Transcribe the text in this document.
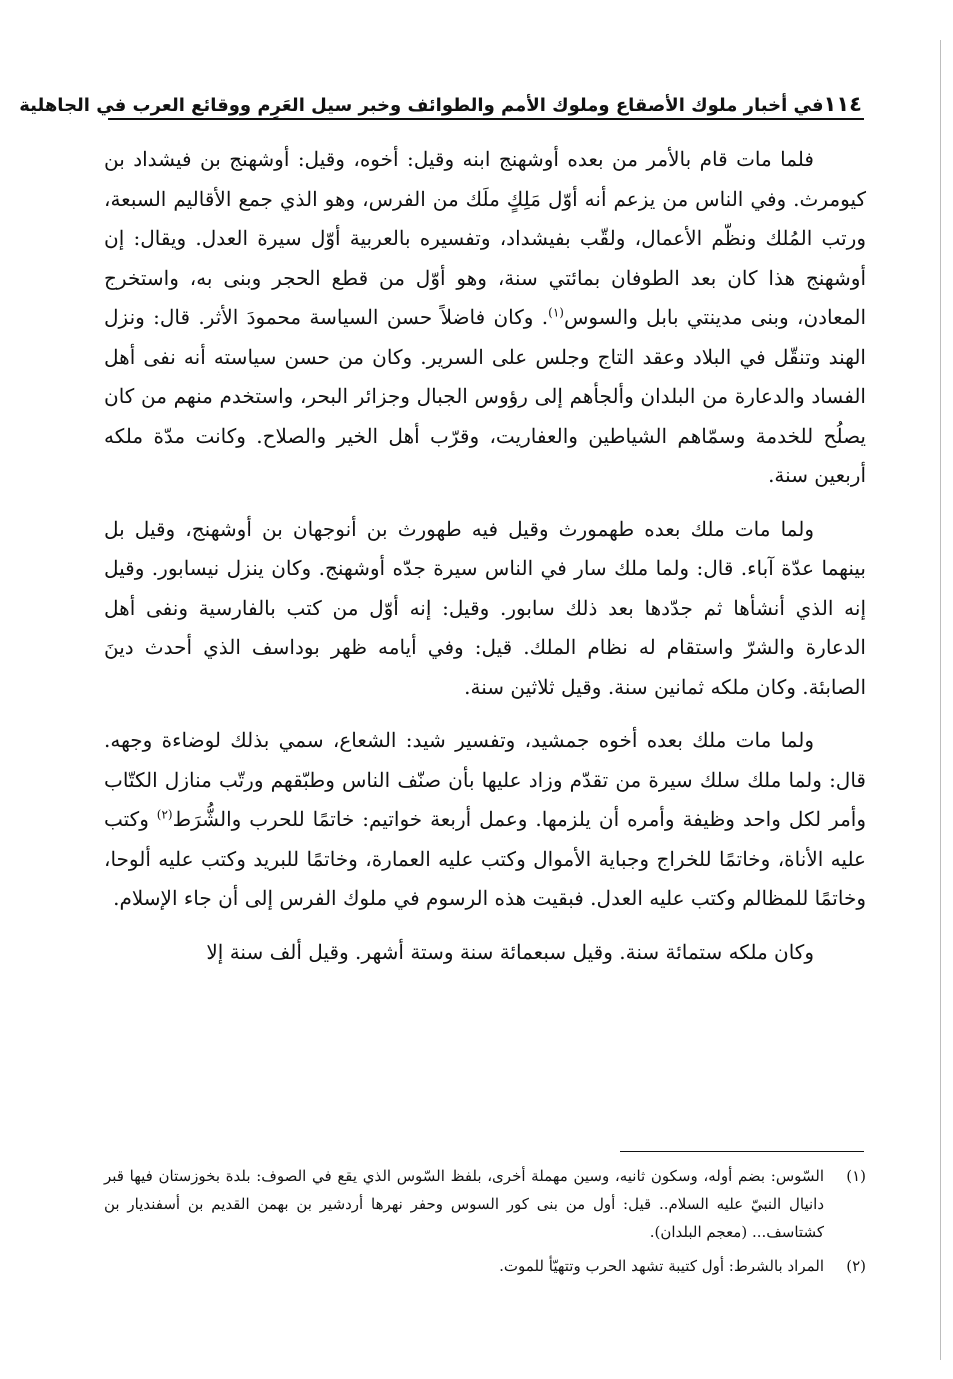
١١٤
في أخبار ملوك الأصقاع وملوك الأمم والطوائف وخبر سيل العَرِم ووقائع العرب في الجاهلية

فلما مات قام بالأمر من بعده أوشهنج ابنه وقيل: أخوه، وقيل: أوشهنج بن فيشداد بن كيومرث. وفي الناس من يزعم أنه أوّل مَلِكٍ ملَك من الفرس، وهو الذي جمع الأقاليم السبعة، ورتب المُلك ونظّم الأعمال، ولقّب بفيشداد، وتفسيره بالعربية أوّل سيرة العدل. ويقال: إن أوشهنج هذا كان بعد الطوفان بمائتي سنة، وهو أوّل من قطع الحجر وبنى به، واستخرج المعادن، وبنى مدينتي بابل والسوس$^{(١)}$. وكان فاضلاً حسن السياسة محمودَ الأثر. قال: ونزل الهند وتنقّل في البلاد وعقد التاج وجلس على السرير. وكان من حسن سياسته أنه نفى أهل الفساد والدعارة من البلدان وألجأهم إلى رؤوس الجبال وجزائر البحر، واستخدم منهم من كان يصلُح للخدمة وسمّاهم الشياطين والعفاريت، وقرّب أهل الخير والصلاح. وكانت مدّة ملكه أربعين سنة.

ولما مات ملك بعده طهمورث وقيل فيه طهورث بن أنوجهان بن أوشهنج، وقيل بل بينهما عدّة آباء. قال: ولما ملك سار في الناس سيرة جدّه أوشهنج. وكان ينزل نيسابور. وقيل إنه الذي أنشأها ثم جدّدها بعد ذلك سابور. وقيل: إنه أوّل من كتب بالفارسية ونفى أهل الدعارة والشرّ واستقام له نظام الملك. قيل: وفي أيامه ظهر بوداسف الذي أحدث دينَ الصابئة. وكان ملكه ثمانين سنة. وقيل ثلاثين سنة.

ولما مات ملك بعده أخوه جمشيد، وتفسير شيد: الشعاع، سمي بذلك لوضاءة وجهه. قال: ولما ملك سلك سيرة من تقدّم وزاد عليها بأن صنّف الناس وطبّقهم ورتّب منازل الكتّاب وأمر لكل واحد وظيفة وأمره أن يلزمها. وعمل أربعة خواتيم: خاتمًا للحرب والشُّرَط$^{(٢)}$ وكتب عليه الأناة، وخاتمًا للخراج وجباية الأموال وكتب عليه العمارة، وخاتمًا للبريد وكتب عليه ألوحا، وخاتمًا للمظالم وكتب عليه العدل. فبقيت هذه الرسوم في ملوك الفرس إلى أن جاء الإسلام.

وكان ملكه ستمائة سنة. وقيل سبعمائة سنة وستة أشهر. وقيل ألف سنة إلا

(١)
السّوس: بضم أوله، وسكون ثانيه، وسين مهملة أخرى، بلفظ السّوس الذي يقع في الصوف: بلدة بخوزستان فيها قبر دانيال النبيّ عليه السلام.. قيل: أول من بنى كور السوس وحفر نهرها أردشير بن بهمن القديم بن أسفنديار بن كشتاسف... (معجم البلدان).
(٢)
المراد بالشرط: أول كتيبة تشهد الحرب وتتهيّأ للموت.
